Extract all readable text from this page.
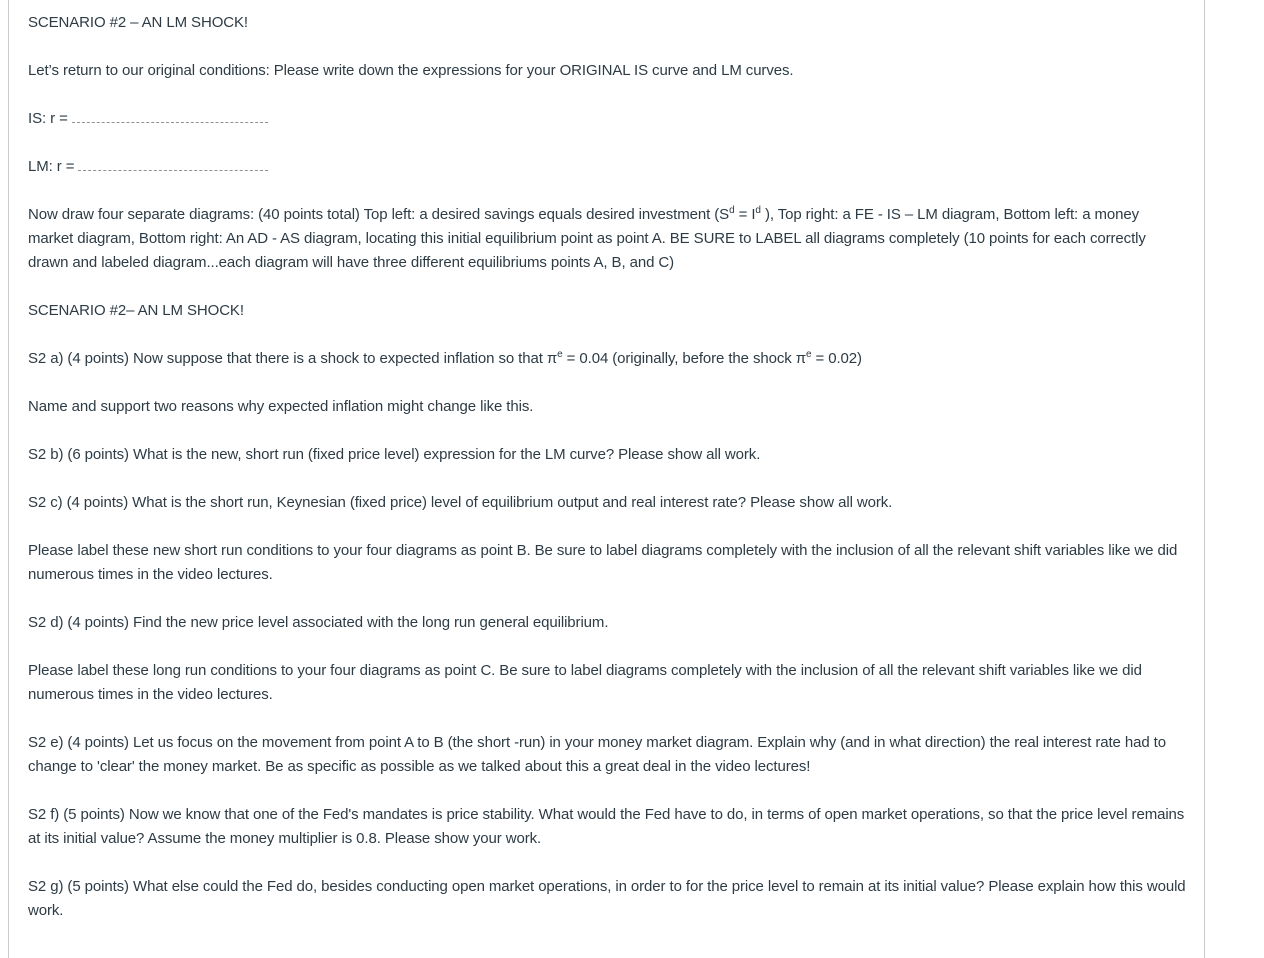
SCENARIO #2 – AN LM SHOCK!

Let’s return to our original conditions: Please write down the expressions for your ORIGINAL IS curve and LM curves.

IS: r =

LM: r =

Now draw four separate diagrams: (40 points total) Top left: a desired savings equals desired investment ($S^d = I^d$ ), Top right: a FE - IS – LM diagram, Bottom left: a money market diagram, Bottom right: An AD - AS diagram, locating this initial equilibrium point as point A. BE SURE to LABEL all diagrams completely (10 points for each correctly drawn and labeled diagram...each diagram will have three different equilibriums points A, B, and C)

SCENARIO #2– AN LM SHOCK!

S2 a) (4 points) Now suppose that there is a shock to expected inflation so that $\pi^e = 0.04$ (originally, before the shock $\pi^e = 0.02$)

Name and support two reasons why expected inflation might change like this.

S2 b) (6 points) What is the new, short run (fixed price level) expression for the LM curve? Please show all work.

S2 c) (4 points) What is the short run, Keynesian (fixed price) level of equilibrium output and real interest rate? Please show all work.

Please label these new short run conditions to your four diagrams as point B. Be sure to label diagrams completely with the inclusion of all the relevant shift variables like we did numerous times in the video lectures.

S2 d) (4 points) Find the new price level associated with the long run general equilibrium.

Please label these long run conditions to your four diagrams as point C. Be sure to label diagrams completely with the inclusion of all the relevant shift variables like we did numerous times in the video lectures.

S2 e) (4 points) Let us focus on the movement from point A to B (the short -run) in your money market diagram. Explain why (and in what direction) the real interest rate had to change to 'clear' the money market. Be as specific as possible as we talked about this a great deal in the video lectures!

S2 f) (5 points) Now we know that one of the Fed's mandates is price stability. What would the Fed have to do, in terms of open market operations, so that the price level remains at its initial value? Assume the money multiplier is 0.8. Please show your work.

S2 g) (5 points) What else could the Fed do, besides conducting open market operations, in order to for the price level to remain at its initial value? Please explain how this would work.
